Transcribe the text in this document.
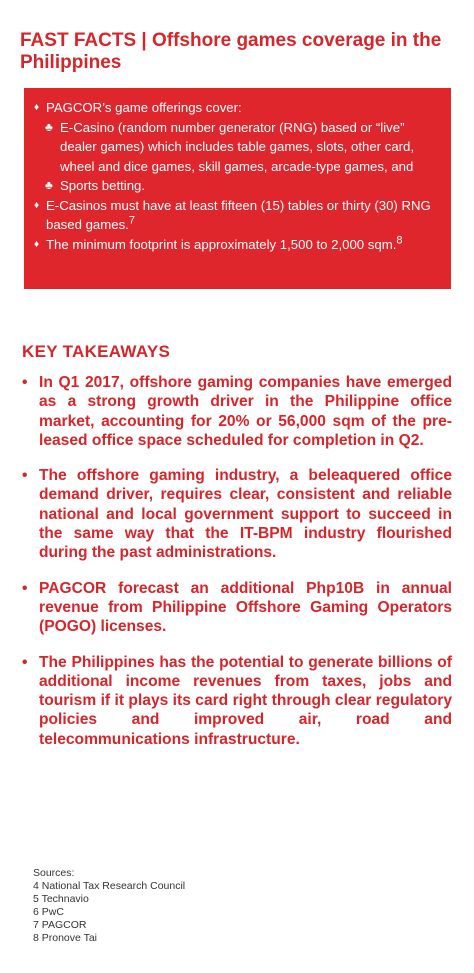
FAST FACTS | Offshore games coverage in the Philippines
♦ PAGCOR’s game offerings cover:
♣ E-Casino (random number generator (RNG) based or “live” dealer games) which includes table games, slots, other card, wheel and dice games, skill games, arcade-type games, and
♣ Sports betting.
♦ E-Casinos must have at least fifteen (15) tables or thirty (30) RNG based games.$^7$
♦ The minimum footprint is approximately 1,500 to 2,000 sqm.$^8$
KEY TAKEAWAYS
• In Q1 2017, offshore gaming companies have emerged as a strong growth driver in the Philippine office market, accounting for 20% or 56,000 sqm of the pre-leased office space scheduled for completion in Q2.
• The offshore gaming industry, a beleaquered office demand driver, requires clear, consistent and reliable national and local government support to succeed in the same way that the IT-BPM industry flourished during the past administrations.
• PAGCOR forecast an additional Php10B in annual revenue from Philippine Offshore Gaming Operators (POGO) licenses.
• The Philippines has the potential to generate billions of additional income revenues from taxes, jobs and tourism if it plays its card right through clear regulatory policies and improved air, road and telecommunications infrastructure.
Sources:
4 National Tax Research Council
5 Technavio
6 PwC
7 PAGCOR
8 Pronove Tai
